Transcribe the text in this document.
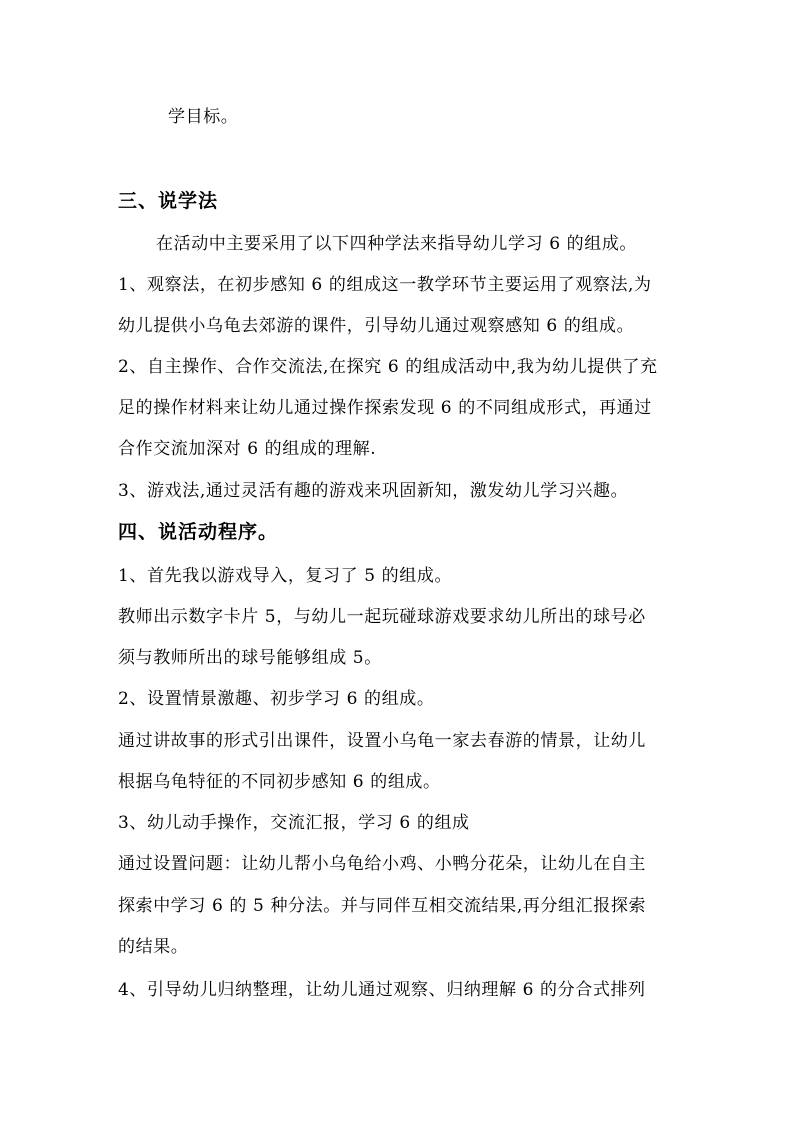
学目标。
三、说学法
在活动中主要采用了以下四种学法来指导幼儿学习 6 的组成。
1、观察法，在初步感知 6 的组成这一教学环节主要运用了观察法,为
幼儿提供小乌龟去郊游的课件，引导幼儿通过观察感知 6 的组成。
2、自主操作、合作交流法,在探究 6 的组成活动中,我为幼儿提供了充
足的操作材料来让幼儿通过操作探索发现 6 的不同组成形式，再通过
合作交流加深对 6 的组成的理解.
3、游戏法,通过灵活有趣的游戏来巩固新知，激发幼儿学习兴趣。
四、说活动程序。
1、首先我以游戏导入，复习了 5 的组成。
教师出示数字卡片 5，与幼儿一起玩碰球游戏要求幼儿所出的球号必
须与教师所出的球号能够组成 5。
2、设置情景激趣、初步学习 6 的组成。
通过讲故事的形式引出课件，设置小乌龟一家去春游的情景，让幼儿
根据乌龟特征的不同初步感知 6 的组成。
3、幼儿动手操作，交流汇报，学习 6 的组成
通过设置问题：让幼儿帮小乌龟给小鸡、小鸭分花朵，让幼儿在自主
探索中学习 6 的 5 种分法。并与同伴互相交流结果,再分组汇报探索
的结果。
4、引导幼儿归纳整理，让幼儿通过观察、归纳理解 6 的分合式排列
